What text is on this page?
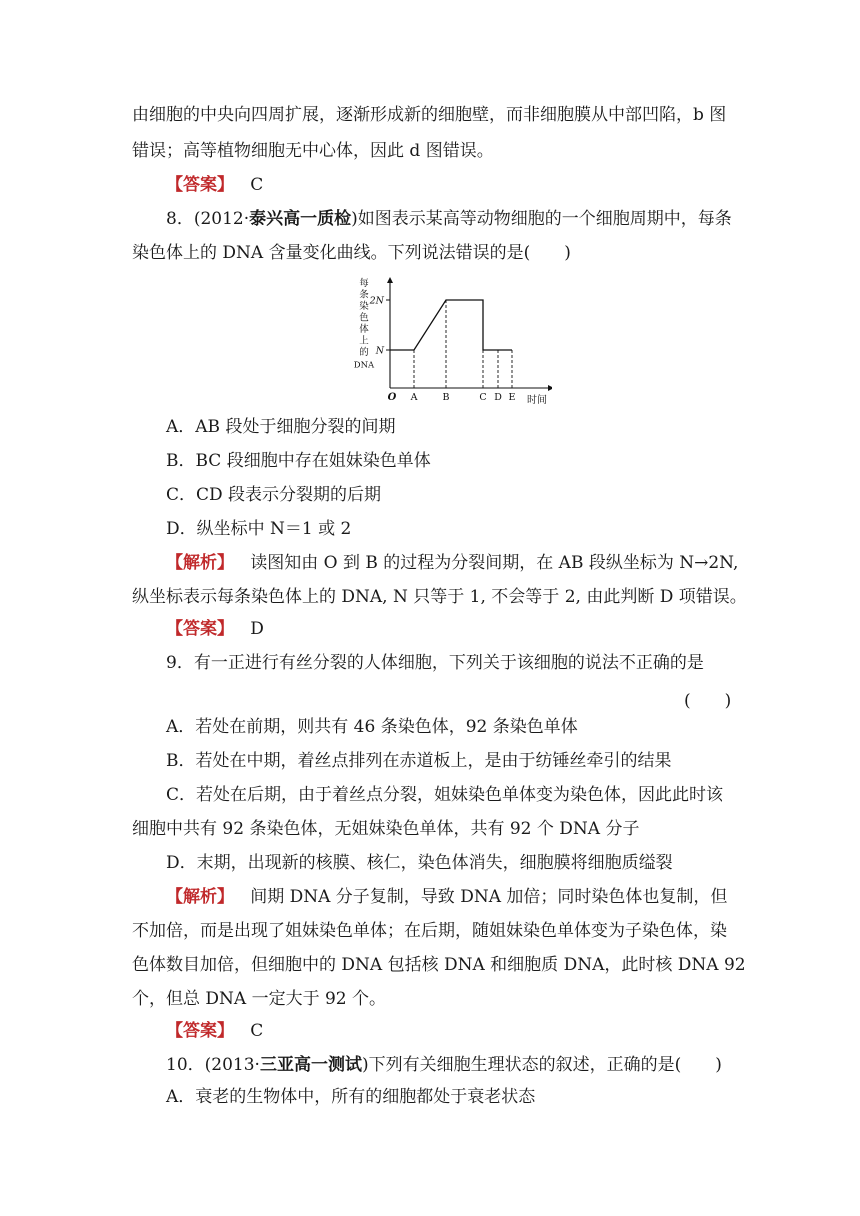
由细胞的中央向四周扩展，逐渐形成新的细胞壁，而非细胞膜从中部凹陷，b 图
错误；高等植物细胞无中心体，因此 d 图错误。
【答案】 C
8．(2012·泰兴高一质检)如图表示某高等动物细胞的一个细胞周期中，每条
染色体上的 DNA 含量变化曲线。下列说法错误的是(　　)
每
条
染
色
体
上
的
DNA
A	B	C D E
N
2N
O	时间
A．AB 段处于细胞分裂的间期
B．BC 段细胞中存在姐妹染色单体
C．CD 段表示分裂期的后期
D．纵坐标中 N＝1 或 2
【解析】 读图知由 O 到 B 的过程为分裂间期，在 AB 段纵坐标为 N→2N,
纵坐标表示每条染色体上的 DNA, N 只等于 1, 不会等于 2, 由此判断 D 项错误。
【答案】 D
9．有一正进行有丝分裂的人体细胞，下列关于该细胞的说法不正确的是
(　　)
A．若处在前期，则共有 46 条染色体，92 条染色单体
B．若处在中期，着丝点排列在赤道板上，是由于纺锤丝牵引的结果
C．若处在后期，由于着丝点分裂，姐妹染色单体变为染色体，因此此时该
细胞中共有 92 条染色体，无姐妹染色单体，共有 92 个 DNA 分子
D．末期，出现新的核膜、核仁，染色体消失，细胞膜将细胞质缢裂
【解析】 间期 DNA 分子复制，导致 DNA 加倍；同时染色体也复制，但
不加倍，而是出现了姐妹染色单体；在后期，随姐妹染色单体变为子染色体，染
色体数目加倍，但细胞中的 DNA 包括核 DNA 和细胞质 DNA，此时核 DNA 92
个，但总 DNA 一定大于 92 个。
【答案】 C
10．(2013·三亚高一测试)下列有关细胞生理状态的叙述，正确的是(　　)
A．衰老的生物体中，所有的细胞都处于衰老状态
